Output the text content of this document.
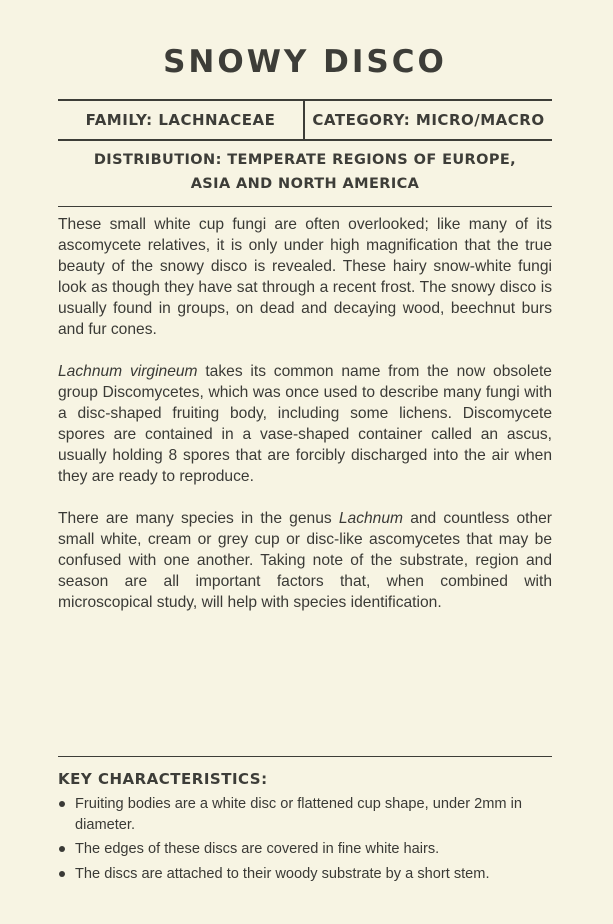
SNOWY DISCO
FAMILY: LACHNACEAE	CATEGORY: MICRO/MACRO
DISTRIBUTION: TEMPERATE REGIONS OF EUROPE,
ASIA AND NORTH AMERICA

These small white cup fungi are often overlooked; like many of its ascomycete relatives, it is only under high magnification that the true beauty of the snowy disco is revealed. These hairy snow-white fungi look as though they have sat through a recent frost. The snowy disco is usually found in groups, on dead and decaying wood, beechnut burs and fur cones.

Lachnum virgineum takes its common name from the now obsolete group Discomycetes, which was once used to describe many fungi with a disc-shaped fruiting body, including some lichens. Discomycete spores are contained in a vase-shaped container called an ascus, usually holding 8 spores that are forcibly discharged into the air when they are ready to reproduce.

There are many species in the genus Lachnum and countless other small white, cream or grey cup or disc-like ascomycetes that may be confused with one another. Taking note of the substrate, region and season are all important factors that, when combined with microscopical study, will help with species identification.

KEY CHARACTERISTICS:
Fruiting bodies are a white disc or flattened cup shape, under 2mm in diameter.
The edges of these discs are covered in fine white hairs.
The discs are attached to their woody substrate by a short stem.
